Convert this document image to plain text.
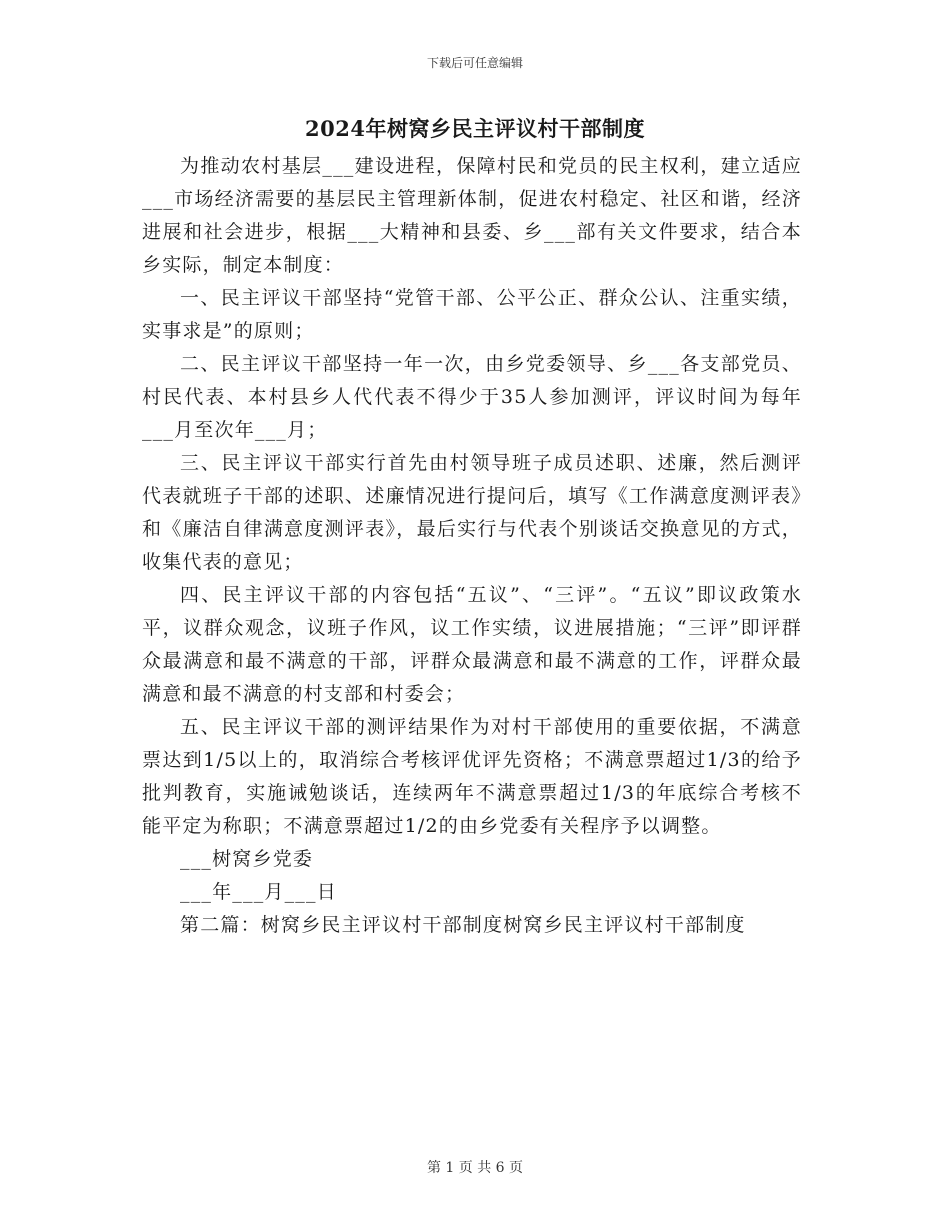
下载后可任意编辑
2024年树窝乡民主评议村干部制度

为推动农村基层___建设进程，保障村民和党员的民主权利，建立适应___市场经济需要的基层民主管理新体制，促进农村稳定、社区和谐，经济进展和社会进步，根据___大精神和县委、乡___部有关文件要求，结合本乡实际，制定本制度：

一、民主评议干部坚持“党管干部、公平公正、群众公认、注重实绩，实事求是”的原则；

二、民主评议干部坚持一年一次，由乡党委领导、乡___各支部党员、村民代表、本村县乡人代代表不得少于35人参加测评，评议时间为每年___月至次年___月；

三、民主评议干部实行首先由村领导班子成员述职、述廉，然后测评代表就班子干部的述职、述廉情况进行提问后，填写《工作满意度测评表》和《廉洁自律满意度测评表》，最后实行与代表个别谈话交换意见的方式，收集代表的意见；

四、民主评议干部的内容包括“五议”、“三评”。“五议”即议政策水平，议群众观念，议班子作风，议工作实绩，议进展措施；“三评”即评群众最满意和最不满意的干部，评群众最满意和最不满意的工作，评群众最满意和最不满意的村支部和村委会；

五、民主评议干部的测评结果作为对村干部使用的重要依据，不满意票达到1/5以上的，取消综合考核评优评先资格；不满意票超过1/3的给予批判教育，实施诫勉谈话，连续两年不满意票超过1/3的年底综合考核不能平定为称职；不满意票超过1/2的由乡党委有关程序予以调整。

___树窝乡党委

___年___月___日

第二篇：树窝乡民主评议村干部制度树窝乡民主评议村干部制度

第 1 页 共 6 页
